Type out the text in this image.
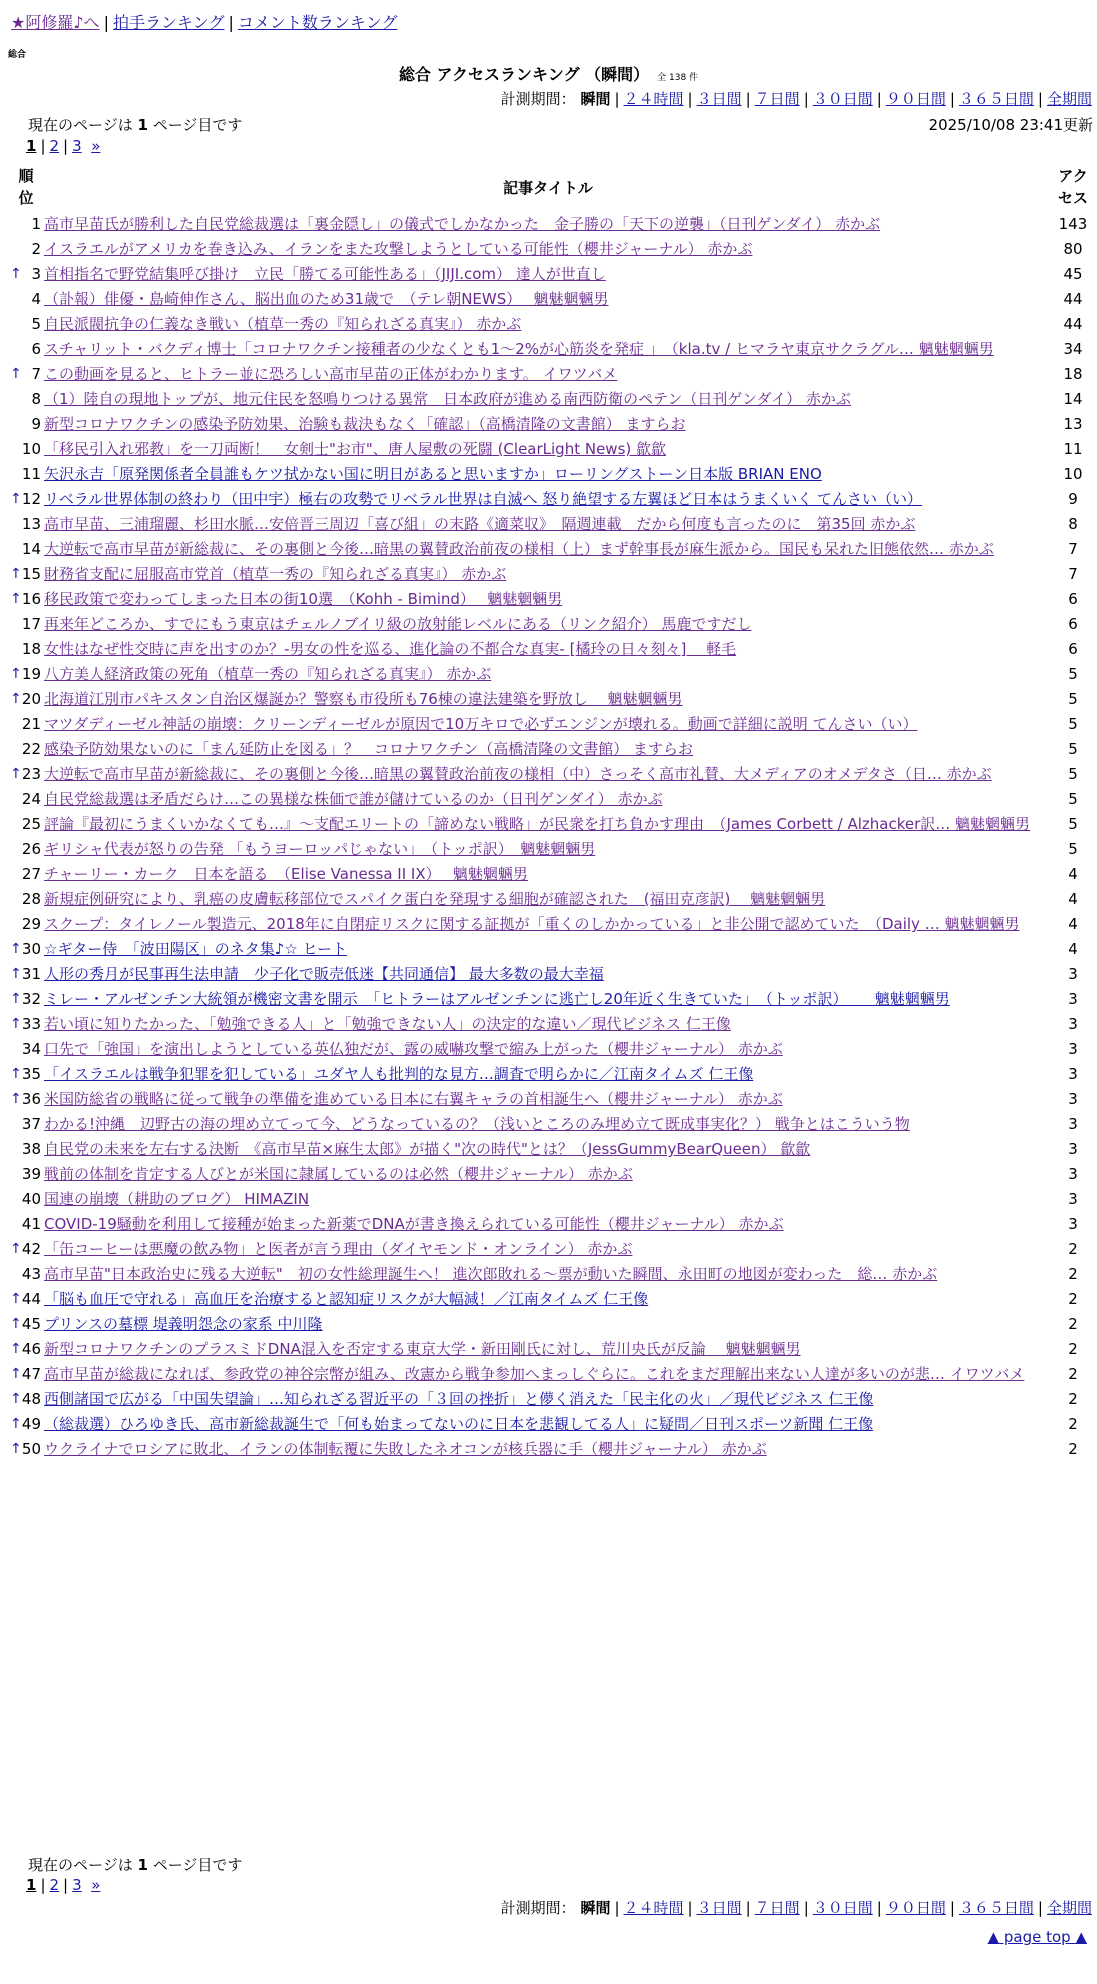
★阿修羅♪へ | 拍手ランキング | コメント数ランキング
総合
総合 アクセスランキング （瞬間） 全 138 件
計測期間： 瞬間 | ２４時間 | ３日間 | ７日間 | ３０日間 | ９０日間 | ３６５日間 | 全期間
現在のページは 1 ページ目です	2025/10/08 23:41更新
1 | 2 | 3 »
順
位	記事タイトル	アク
セス
1	高市早苗氏が勝利した自民党総裁選は「裏金隠し」の儀式でしかなかった　金子勝の「天下の逆襲」（日刊ゲンダイ） 赤かぶ	143
2	イスラエルがアメリカを巻き込み、イランをまた攻撃しようとしている可能性（櫻井ジャーナル） 赤かぶ	80

↑ 3	首相指名で野党結集呼び掛け　立民「勝てる可能性ある」（JIJI.com） 達人が世直し	45
4	（訃報）俳優・島崎伸作さん、脳出血のため31歳で　（テレ朝NEWS）　 魑魅魍魎男	44
5	自民派閥抗争の仁義なき戦い（植草一秀の『知られざる真実』） 赤かぶ	44
6	スチャリット・バクディ博士「コロナワクチン接種者の少なくとも1〜2%が心筋炎を発症 」　（kla.tv / ヒマラヤ東京サクラグル… 魑魅魍魎男	34

↑ 7	この動画を見ると、ヒトラー並に恐ろしい高市早苗の正体がわかります。 イワツバメ	18
8	（1）陸自の現地トップが、地元住民を怒鳴りつける異常　日本政府が進める南西防衛のペテン（日刊ゲンダイ） 赤かぶ	14
9	新型コロナワクチンの感染予防効果、治験も裁決もなく「確認」（高橋清隆の文書館） ますらお	13
10	「移民引入れ邪教」を一刀両断！　女剣士"お市"、唐人屋敷の死闘 (ClearLight News) 歙歙	11
11	矢沢永吉「原発関係者全員誰もケツ拭かない国に明日があると思いますか」ローリングストーン日本版 BRIAN ENO	10

↑ 12	リベラル世界体制の終わり（田中宇）極右の攻勢でリベラル世界は自滅へ 怒り絶望する左翼ほど日本はうまくいく てんさい（い）	9
13	高市早苗、三浦瑠麗、杉田水脈…安倍晋三周辺「喜び組」の末路《適菜収》　隔週連載　だから何度も言ったのに　第35回 赤かぶ	8
14	大逆転で高市早苗が新総裁に、その裏側と今後…暗黒の翼賛政治前夜の様相（上）まず幹事長が麻生派から。国民も呆れた旧態依然… 赤かぶ	7

↑ 15	財務省支配に屈服高市党首（植草一秀の『知られざる真実』） 赤かぶ	7

↑ 16	移民政策で変わってしまった日本の街10選　（Kohh - Bimind）　 魑魅魍魎男	6
17	再来年どころか、すでにもう東京はチェルノブイリ級の放射能レベルにある（リンク紹介） 馬鹿ですだし	6
18	女性はなぜ性交時に声を出すのか？-男女の性を巡る、進化論の不都合な真実- [橘玲の日々刻々]　 軽毛	6

↑ 19	八方美人経済政策の死角（植草一秀の『知られざる真実』） 赤かぶ	5

↑ 20	北海道江別市パキスタン自治区爆誕か？警察も市役所も76棟の違法建築を野放し　 魑魅魍魎男	5
21	マツダディーゼル神話の崩壊：クリーンディーゼルが原因で10万キロで必ずエンジンが壊れる。動画で詳細に説明 てんさい（い）	5
22	感染予防効果ないのに「まん延防止を図る」？　コロナワクチン（高橋清隆の文書館） ますらお	5

↑ 23	大逆転で高市早苗が新総裁に、その裏側と今後…暗黒の翼賛政治前夜の様相（中）さっそく高市礼賛、大メディアのオメデタさ（日… 赤かぶ	5
24	自民党総裁選は矛盾だらけ…この異様な株価で誰が儲けているのか（日刊ゲンダイ） 赤かぶ	5
25	評論『最初にうまくいかなくても…』〜支配エリートの「諦めない戦略」が民衆を打ち負かす理由　（James Corbett / Alzhacker訳… 魑魅魍魎男	5
26	ギリシャ代表が怒りの告発 「もうヨーロッパじゃない」　（トッポ訳）　魑魅魍魎男	5
27	チャーリー・カーク　日本を語る　（Elise Vanessa II IX）　 魑魅魍魎男	4
28	新規症例研究により、乳癌の皮膚転移部位でスパイク蛋白を発現する細胞が確認された　(福田克彦訳)　 魑魅魍魎男	4
29	スクープ：タイレノール製造元、2018年に自閉症リスクに関する証拠が「重くのしかかっている」と非公開で認めていた　（Daily … 魑魅魍魎男	4

↑ 30	☆ギター侍　「波田陽区」のネタ集♪☆ ヒート	4

↑ 31	人形の秀月が民事再生法申請　少子化で販売低迷【共同通信】 最大多数の最大幸福	3

↑ 32	ミレー・アルゼンチン大統領が機密文書を開示　「ヒトラーはアルゼンチンに逃亡し20年近く生きていた」　（トッポ訳）　　 魑魅魍魎男	3

↑ 33	若い頃に知りたかった、「勉強できる人」と「勉強できない人」の決定的な違い／現代ビジネス 仁王像	3
34	口先で「強国」を演出しようとしている英仏独だが、露の威嚇攻撃で縮み上がった（櫻井ジャーナル） 赤かぶ	3

↑ 35	「イスラエルは戦争犯罪を犯している」ユダヤ人も批判的な見方…調査で明らかに／江南タイムズ 仁王像	3

↑ 36	米国防総省の戦略に従って戦争の準備を進めている日本に右翼キャラの首相誕生へ（櫻井ジャーナル） 赤かぶ	3
37	わかる!沖縄　辺野古の海の埋め立てって今、どうなっているの？（浅いところのみ埋め立て既成事実化？） 戦争とはこういう物	3
38	自民党の未来を左右する決断　《高市早苗×麻生太郎》が描く"次の時代"とは？（JessGummyBearQueen） 歙歙	3
39	戦前の体制を肯定する人びとが米国に隷属しているのは必然（櫻井ジャーナル） 赤かぶ	3
40	国連の崩壊（耕助のブログ） HIMAZIN	3
41	COVID-19騒動を利用して接種が始まった新薬でDNAが書き換えられている可能性（櫻井ジャーナル） 赤かぶ	3

↑ 42	「缶コーヒーは悪魔の飲み物」と医者が言う理由（ダイヤモンド・オンライン） 赤かぶ	2
43	高市早苗"日本政治史に残る大逆転"　初の女性総理誕生へ！ 進次郎敗れる〜票が動いた瞬間、永田町の地図が変わった　総… 赤かぶ	2

↑ 44	「脳も血圧で守れる」高血圧を治療すると認知症リスクが大幅減！／江南タイムズ 仁王像	2

↑ 45	プリンスの墓標 堤義明怨念の家系 中川隆	2

↑ 46	新型コロナワクチンのプラスミドDNA混入を否定する東京大学・新田剛氏に対し、荒川央氏が反論　 魑魅魍魎男	2

↑ 47	高市早苗が総裁になれば、参政党の神谷宗幣が組み、改憲から戦争参加へまっしぐらに。これをまだ理解出来ない人達が多いのが悲… イワツバメ	2

↑ 48	西側諸国で広がる「中国失望論」…知られざる習近平の「３回の挫折」と儚く消えた「民主化の火」／現代ビジネス 仁王像	2

↑ 49	（総裁選）ひろゆき氏、高市新総裁誕生で「何も始まってないのに日本を悲観してる人」に疑問／日刊スポーツ新聞 仁王像	2

↑ 50	ウクライナでロシアに敗北、イランの体制転覆に失敗したネオコンが核兵器に手（櫻井ジャーナル） 赤かぶ	2
現在のページは 1 ページ目です
1 | 2 | 3 »
計測期間： 瞬間 | ２４時間 | ３日間 | ７日間 | ３０日間 | ９０日間 | ３６５日間 | 全期間
▲ page top ▲
